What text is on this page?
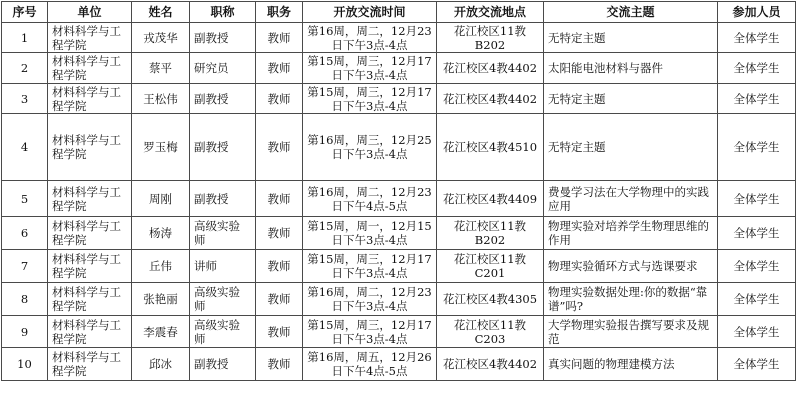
序号	单位	姓名	职称	职务	开放交流时间	开放交流地点	交流主题	参加人员
1	材料科学与工程学院	戎茂华	副教授	教师	第16周，周二，12月23日下午3点-4点	花江校区11教B202	无特定主题	全体学生
2	材料科学与工程学院	蔡平	研究员	教师	第15周，周三，12月17日下午3点-4点	花江校区4教4402	太阳能电池材料与器件	全体学生
3	材料科学与工程学院	王松伟	副教授	教师	第15周，周三，12月17日下午3点-4点	花江校区4教4402	无特定主题	全体学生
4	材料科学与工程学院	罗玉梅	副教授	教师	第16周，周三，12月25日下午3点-4点	花江校区4教4510	无特定主题	全体学生
5	材料科学与工程学院	周刚	副教授	教师	第16周，周二，12月23日下午4点-5点	花江校区4教4409	费曼学习法在大学物理中的实践应用	全体学生
6	材料科学与工程学院	杨涛	高级实验师	教师	第15周，周一，12月15日下午3点-4点	花江校区11教B202	物理实验对培养学生物理思维的作用	全体学生
7	材料科学与工程学院	丘伟	讲师	教师	第15周，周三，12月17日下午3点-4点	花江校区11教C201	物理实验循环方式与选课要求	全体学生
8	材料科学与工程学院	张艳丽	高级实验师	教师	第16周，周二，12月23日下午3点-4点	花江校区4教4305	物理实验数据处理:你的数据“靠谱”吗?	全体学生
9	材料科学与工程学院	李震春	高级实验师	教师	第15周，周三，12月17日下午3点-4点	花江校区11教C203	大学物理实验报告撰写要求及规范	全体学生
10	材料科学与工程学院	邱冰	副教授	教师	第16周，周五，12月26日下午4点-5点	花江校区4教4402	真实问题的物理建模方法	全体学生
